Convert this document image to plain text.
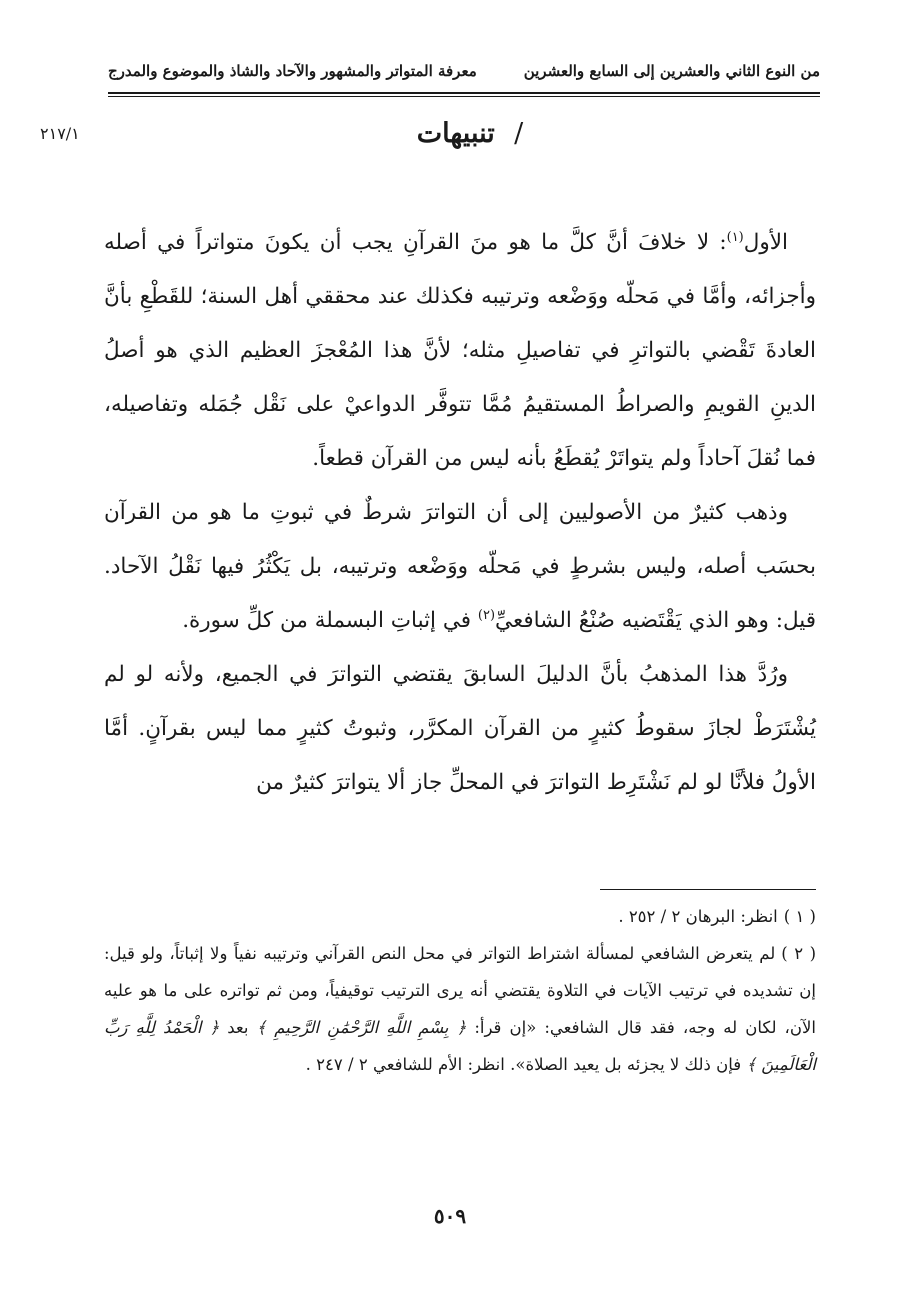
من النوع الثاني والعشرين إلى السابع والعشرين
معرفة المتواتر والمشهور والآحاد والشاذ والموضوع والمدرج
/ تنبيهات
٢١٧/١

الأول$^{(١)}$: لا خلافَ أنَّ كلَّ ما هو منَ القرآنِ يجب أن يكونَ متواتراً في أصله وأجزائه، وأمَّا في مَحلّه ووَضْعه وترتيبه فكذلك عند محققي أهل السنة؛ للقَطْعِ بأنَّ العادةَ تَقْضي بالتواترِ في تفاصيلِ مثله؛ لأنَّ هذا المُعْجزَ العظيم الذي هو أصلُ الدينِ القويمِ والصراطُ المستقيمُ مُمَّا تتوفَّر الدواعيْ على نَقْل جُمَله وتفاصيله، فما نُقلَ آحاداً ولم يتواتَرْ يُقطَعُ بأنه ليس من القرآن قطعاً.

وذهب كثيرٌ من الأصوليين إلى أن التواترَ شرطٌ في ثبوتِ ما هو من القرآن بحسَب أصله، وليس بشرطٍ في مَحلّه ووَضْعه وترتيبه، بل يَكْثُرُ فيها نَقْلُ الآحاد. قيل: وهو الذي يَقْتَضيه صُنْعُ الشافعيِّ$^{(٢)}$ في إثباتِ البسملة من كلِّ سورة.

ورُدَّ هذا المذهبُ بأنَّ الدليلَ السابقَ يقتضي التواترَ في الجميع، ولأنه لو لم يُشْتَرَطْ لجازَ سقوطُ كثيرٍ من القرآن المكرَّر، وثبوتُ كثيرٍ مما ليس بقرآنٍ. أمَّا الأولُ فلأنَّا لو لم نَشْتَرِط التواترَ في المحلِّ جاز ألا يتواترَ كثيرٌ من

( ١ )انظر: البرهان ٢ / ٢٥٢ .

( ٢ )لم يتعرض الشافعي لمسألة اشتراط التواتر في محل النص القرآني وترتيبه نفياً ولا إثباتاً، ولو قيل: إن تشديده في ترتيب الآيات في التلاوة يقتضي أنه يرى الترتيب توقيفياً، ومن ثم تواتره على ما هو عليه الآن، لكان له وجه، فقد قال الشافعي: «إن قرأ: ﴿ بِسْمِ اللَّهِ الرَّحْمَٰنِ الرَّحِيمِ ﴾ بعد ﴿ الْحَمْدُ لِلَّهِ رَبِّ الْعَالَمِينَ ﴾ فإن ذلك لا يجزئه بل يعيد الصلاة». انظر: الأم للشافعي ٢ / ٢٤٧ .

٥٠٩
